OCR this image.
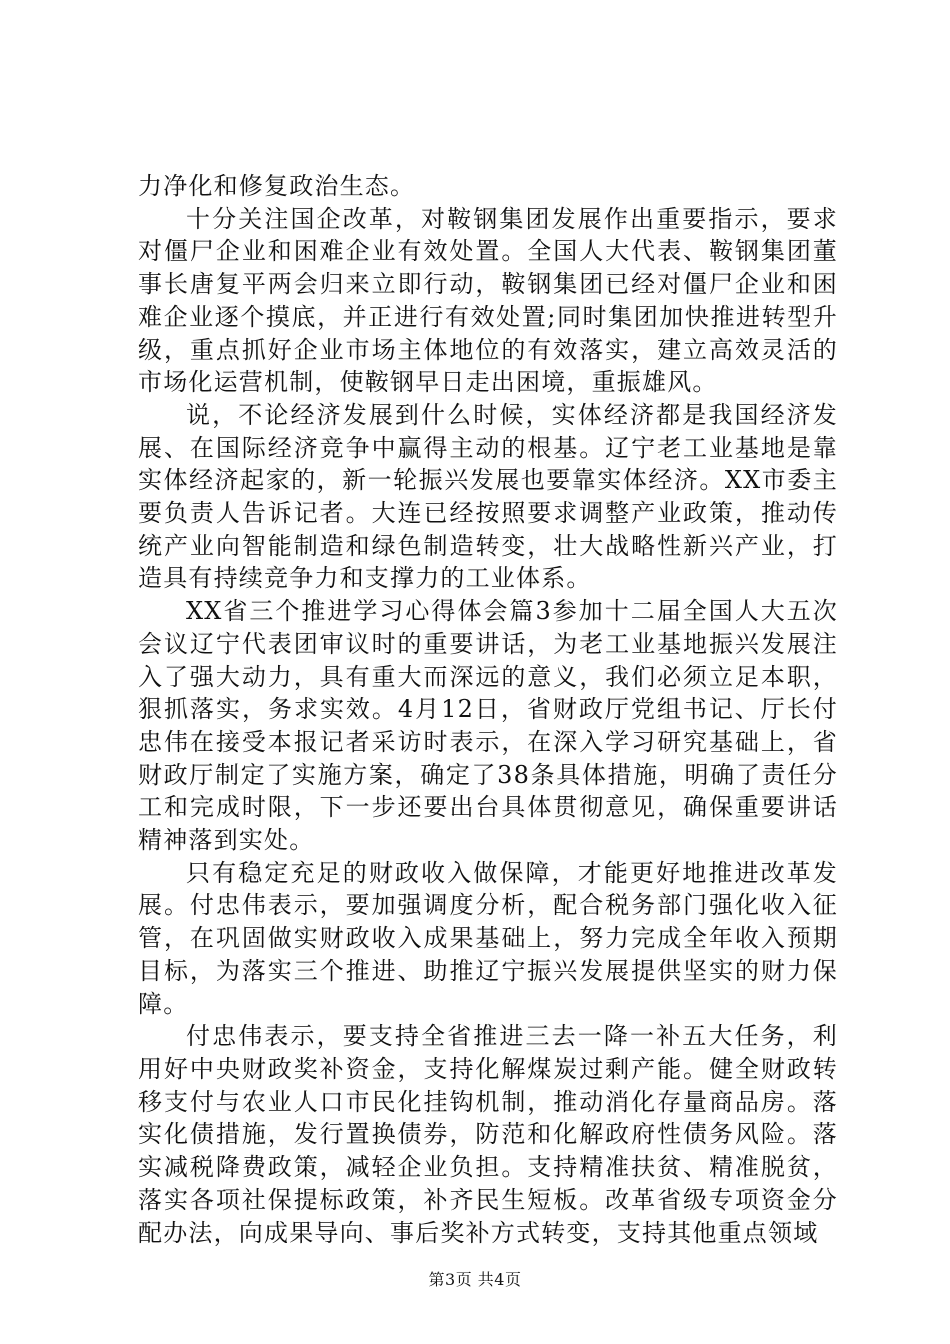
力净化和修复政治生态。

十分关注国企改革，对鞍钢集团发展作出重要指示，要求对僵尸企业和困难企业有效处置。全国人大代表、鞍钢集团董事长唐复平两会归来立即行动，鞍钢集团已经对僵尸企业和困难企业逐个摸底，并正进行有效处置;同时集团加快推进转型升级，重点抓好企业市场主体地位的有效落实，建立高效灵活的市场化运营机制，使鞍钢早日走出困境，重振雄风。

说，不论经济发展到什么时候，实体经济都是我国经济发展、在国际经济竞争中赢得主动的根基。辽宁老工业基地是靠实体经济起家的，新一轮振兴发展也要靠实体经济。XX市委主要负责人告诉记者。大连已经按照要求调整产业政策，推动传统产业向智能制造和绿色制造转变，壮大战略性新兴产业，打造具有持续竞争力和支撑力的工业体系。

XX省三个推进学习心得体会篇3参加十二届全国人大五次会议辽宁代表团审议时的重要讲话，为老工业基地振兴发展注入了强大动力，具有重大而深远的意义，我们必须立足本职，狠抓落实，务求实效。4月12日，省财政厅党组书记、厅长付忠伟在接受本报记者采访时表示，在深入学习研究基础上，省财政厅制定了实施方案，确定了38条具体措施，明确了责任分工和完成时限，下一步还要出台具体贯彻意见，确保重要讲话精神落到实处。

只有稳定充足的财政收入做保障，才能更好地推进改革发展。付忠伟表示，要加强调度分析，配合税务部门强化收入征管，在巩固做实财政收入成果基础上，努力完成全年收入预期目标，为落实三个推进、助推辽宁振兴发展提供坚实的财力保障。

付忠伟表示，要支持全省推进三去一降一补五大任务，利用好中央财政奖补资金，支持化解煤炭过剩产能。健全财政转移支付与农业人口市民化挂钩机制，推动消化存量商品房。落实化债措施，发行置换债券，防范和化解政府性债务风险。落实减税降费政策，减轻企业负担。支持精准扶贫、精准脱贫，落实各项社保提标政策，补齐民生短板。改革省级专项资金分配办法，向成果导向、事后奖补方式转变，支持其他重点领域

第3页 共4页
